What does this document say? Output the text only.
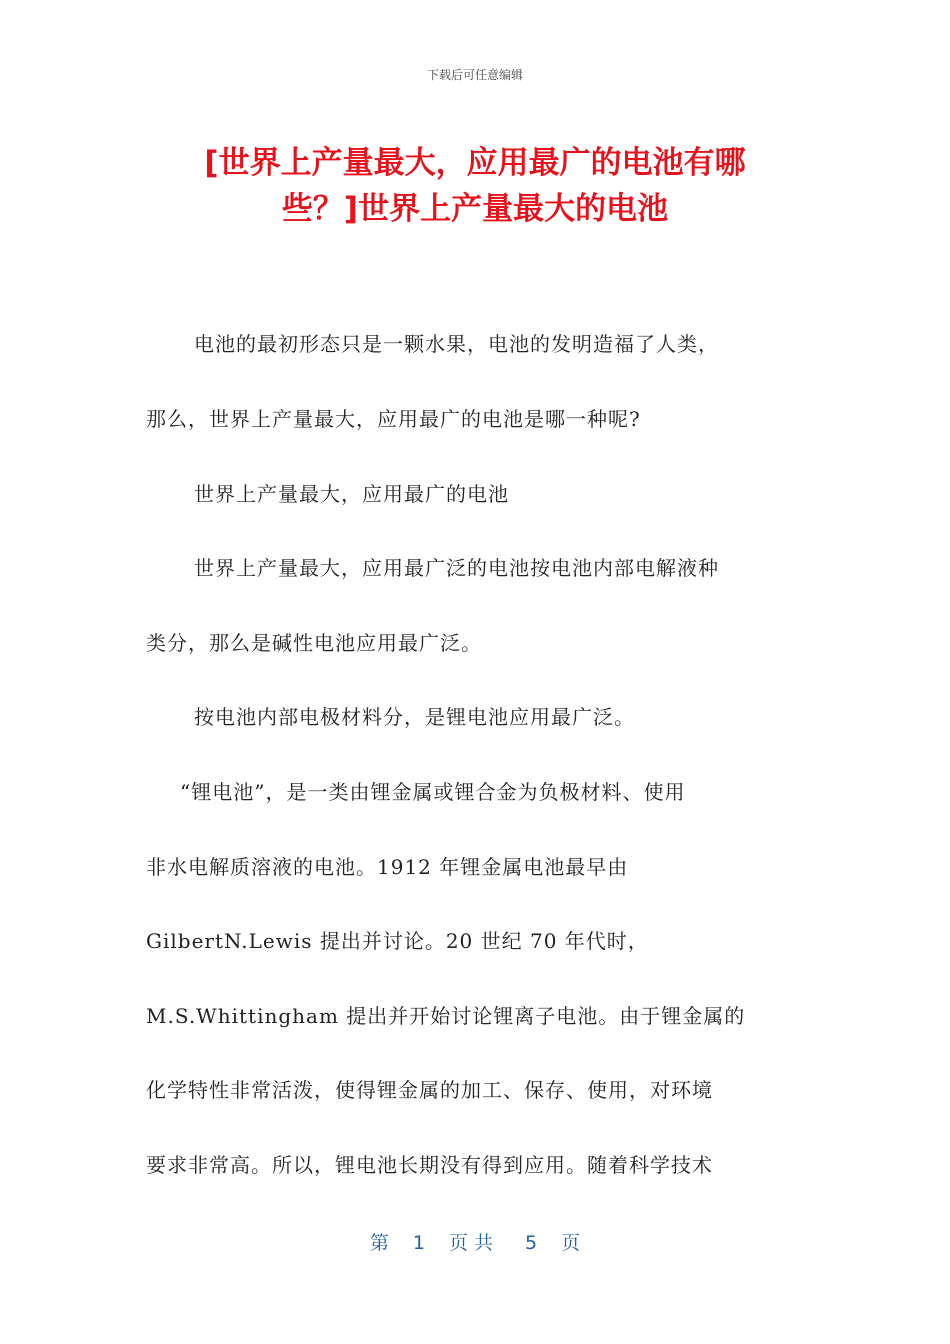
下载后可任意编辑
[世界上产量最大，应用最广的电池有哪
些？]世界上产量最大的电池
电池的最初形态只是一颗水果，电池的发明造福了人类，
那么，世界上产量最大，应用最广的电池是哪一种呢?
世界上产量最大，应用最广的电池
世界上产量最大，应用最广泛的电池按电池内部电解液种
类分，那么是碱性电池应用最广泛。
按电池内部电极材料分，是锂电池应用最广泛。
“锂电池”，是一类由锂金属或锂合金为负极材料、使用
非水电解质溶液的电池。1912 年锂金属电池最早由
GilbertN.Lewis 提出并讨论。20 世纪 70 年代时，
M.S.Whittingham 提出并开始讨论锂离子电池。由于锂金属的
化学特性非常活泼，使得锂金属的加工、保存、使用，对环境
要求非常高。所以，锂电池长期没有得到应用。随着科学技术
第 1 页 共 5 页
